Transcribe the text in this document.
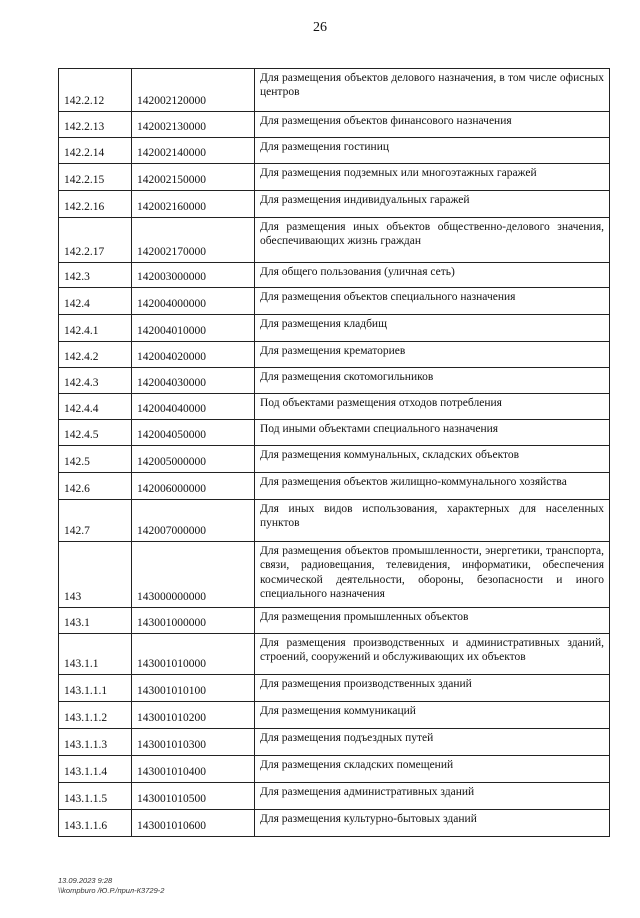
26
142.2.12	142002120000	Для размещения объектов делового назначения, в том числе офисных центров
142.2.13	142002130000	Для размещения объектов финансового назначения
142.2.14	142002140000	Для размещения гостиниц
142.2.15	142002150000	Для размещения подземных или многоэтажных гаражей
142.2.16	142002160000	Для размещения индивидуальных гаражей
142.2.17	142002170000	Для размещения иных объектов общественно-делового значения, обеспечивающих жизнь граждан
142.3	142003000000	Для общего пользования (уличная сеть)
142.4	142004000000	Для размещения объектов специального назначения
142.4.1	142004010000	Для размещения кладбищ
142.4.2	142004020000	Для размещения крематориев
142.4.3	142004030000	Для размещения скотомогильников
142.4.4	142004040000	Под объектами размещения отходов потребления
142.4.5	142004050000	Под иными объектами специального назначения
142.5	142005000000	Для размещения коммунальных, складских объектов
142.6	142006000000	Для размещения объектов жилищно-коммунального хозяйства
142.7	142007000000	Для иных видов использования, характерных для населенных пунктов
143	143000000000	Для размещения объектов промышленности, энергетики, транспорта, связи, радиовещания, телевидения, информатики, обеспечения космической деятельности, обороны, безопасности и иного специального назначения
143.1	143001000000	Для размещения промышленных объектов
143.1.1	143001010000	Для размещения производственных и административных зданий, строений, сооружений и обслуживающих их объектов
143.1.1.1	143001010100	Для размещения производственных зданий
143.1.1.2	143001010200	Для размещения коммуникаций
143.1.1.3	143001010300	Для размещения подъездных путей
143.1.1.4	143001010400	Для размещения складских помещений
143.1.1.5	143001010500	Для размещения административных зданий
143.1.1.6	143001010600	Для размещения культурно-бытовых зданий
13.09.2023 9:28
\\kompburo /Ю.Р./прил-К3729-2
